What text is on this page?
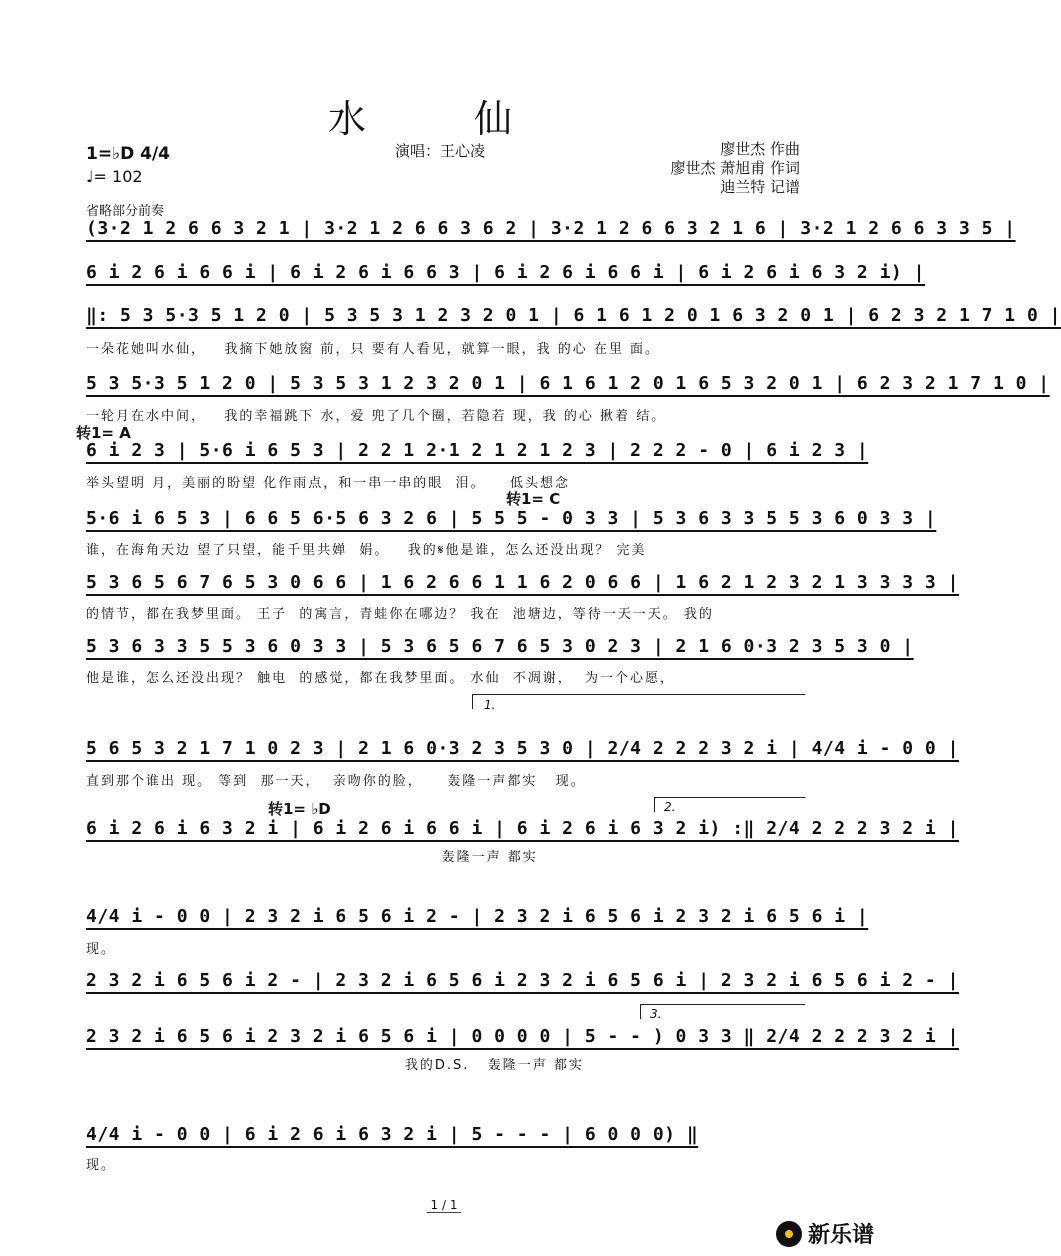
水 仙
1=♭D 4/4
♩= 102
演唱：王心凌	廖世杰 作曲
廖世杰 萧旭甫 作词
迪兰特 记谱
省略部分前奏
(3·2 1 2 6 6 3 2 1 | 3·2 1 2 6 6 3 6 2 | 3·2 1 2 6 6 3 2 1 6 | 3·2 1 2 6 6 3 3 5 |
6 i 2 6 i 6 6 i | 6 i 2 6 i 6 6 3 | 6 i 2 6 i 6 6 i | 6 i 2 6 i 6 3 2 i) |
‖: 5 3 5·3 5 1 2 0 | 5 3 5 3 1 2 3 2 0 1 | 6 1 6 1 2 0 1 6 3 2 0 1 | 6 2 3 2 1 7 1 0 |
一朵花她叫水仙，   我摘下她放窗 前，只 要有人看见，就算一眼，我 的心 在里 面。
5 3 5·3 5 1 2 0 | 5 3 5 3 1 2 3 2 0 1 | 6 1 6 1 2 0 1 6 5 3 2 0 1 | 6 2 3 2 1 7 1 0 |
一轮月在水中间，   我的幸福跳下 水，爱 兜了几个圈，若隐若 现，我 的心 揪着 结。
转1= A
6 i 2 3 | 5·6 i 6 5 3 | 2 2 1 2·1 2 1 2 1 2 3 | 2 2 2 - 0 | 6 i 2 3 |
举头望明 月，美丽的盼望 化作雨点，和一串一串的眼  泪。    低头想念
转1= C
5·6 i 6 5 3 | 6 6 5 6·5 6 3 2 6 | 5 5 5 - 0 3 3 | 5 3 6 3 3 5 5 3 6 0 3 3 |
谁，在海角天边 望了只望，能千里共婵  娟。   我的𝄋他是谁，怎么还没出现？ 完美
5 3 6 5 6 7 6 5 3 0 6 6 | 1 6 2 6 6 1 1 6 2 0 6 6 | 1 6 2 1 2 3 2 1 3 3 3 3 |
的情节，都在我梦里面。 王子  的寓言，青蛙你在哪边？ 我在  池塘边，等待一天一天。 我的
5 3 6 3 3 5 5 3 6 0 3 3 | 5 3 6 5 6 7 6 5 3 0 2 3 | 2 1 6 0·3 2 3 5 3 0 |
他是谁，怎么还没出现？ 触电  的感觉，都在我梦里面。 水仙  不凋谢，  为一个心愿，
1.
5 6 5 3 2 1 7 1 0 2 3 | 2 1 6 0·3 2 3 5 3 0 | 2/4 2 2 2 3 2 i | 4/4 i - 0 0 |
直到那个谁出 现。 等到  那一天，  亲吻你的脸，    轰隆一声都实   现。
转1= ♭D	2.
6 i 2 6 i 6 3 2 i | 6 i 2 6 i 6 6 i | 6 i 2 6 i 6 3 2 i) :‖ 2/4 2 2 2 3 2 i |
轰隆一声 都实
4/4 i - 0 0 | 2 3 2 i 6 5 6 i 2 - | 2 3 2 i 6 5 6 i 2 3 2 i 6 5 6 i |
现。
2 3 2 i 6 5 6 i 2 - | 2 3 2 i 6 5 6 i 2 3 2 i 6 5 6 i | 2 3 2 i 6 5 6 i 2 - |
3.
2 3 2 i 6 5 6 i 2 3 2 i 6 5 6 i | 0 0 0 0 | 5 - - ) 0 3 3 ‖ 2/4 2 2 2 3 2 i |
我的D.S.   轰隆一声 都实
4/4 i - 0 0 | 6 i 2 6 i 6 3 2 i | 5 - - - | 6 0 0 0) ‖
现。
1 / 1
新乐谱
